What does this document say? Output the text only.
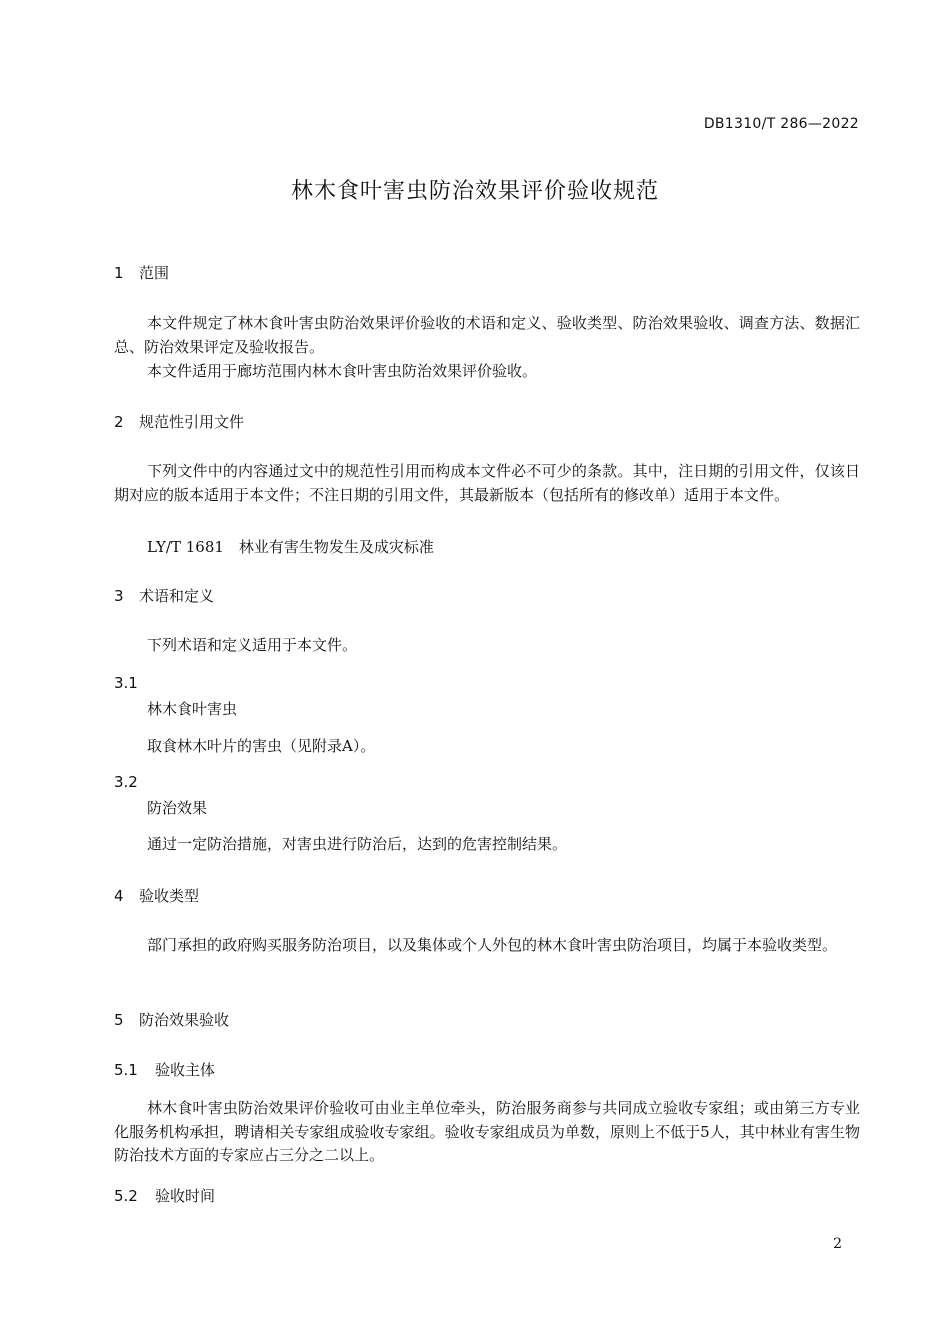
DB1310/T 286—2022
林木食叶害虫防治效果评价验收规范
1 范围
本文件规定了林木食叶害虫防治效果评价验收的术语和定义、验收类型、防治效果验收、调查方法、数据汇总、防治效果评定及验收报告。
本文件适用于廊坊范围内林木食叶害虫防治效果评价验收。
2 规范性引用文件
下列文件中的内容通过文中的规范性引用而构成本文件必不可少的条款。其中，注日期的引用文件，仅该日期对应的版本适用于本文件；不注日期的引用文件，其最新版本（包括所有的修改单）适用于本文件。
LY/T 1681　林业有害生物发生及成灾标准
3 术语和定义
下列术语和定义适用于本文件。
3.1
林木食叶害虫
取食林木叶片的害虫（见附录A）。
3.2
防治效果
通过一定防治措施，对害虫进行防治后，达到的危害控制结果。
4 验收类型
部门承担的政府购买服务防治项目，以及集体或个人外包的林木食叶害虫防治项目，均属于本验收类型。
5 防治效果验收
5.1 验收主体
林木食叶害虫防治效果评价验收可由业主单位牵头，防治服务商参与共同成立验收专家组；或由第三方专业化服务机构承担，聘请相关专家组成验收专家组。验收专家组成员为单数，原则上不低于5人，其中林业有害生物防治技术方面的专家应占三分之二以上。
5.2 验收时间
2
